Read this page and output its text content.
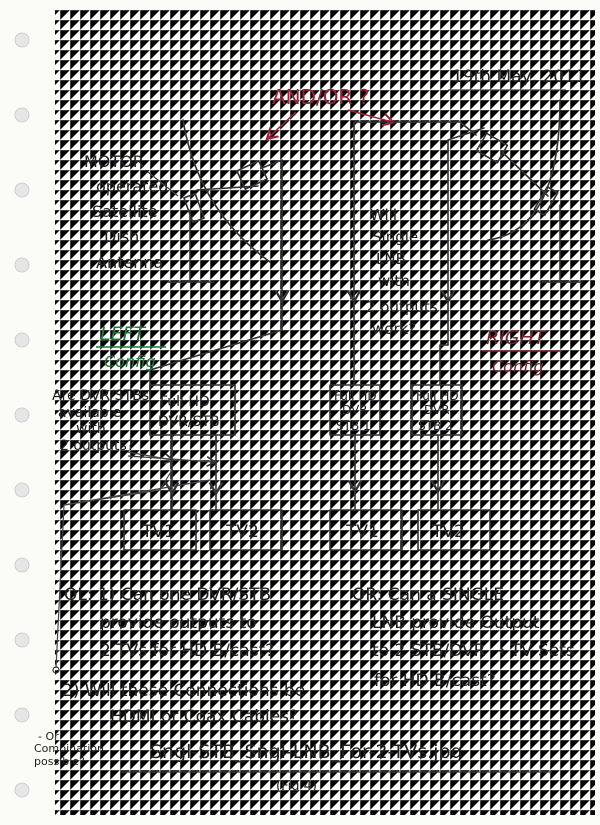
19th May, 2011
AND/OR ?
MOTOR
operated
Satellite
Dish
Antenna
Will
Single
LNB
with
2 outputs
work?
LEFT
Config
RIGHT
Config
Are DVR/STBs
available
with
2 outputs?
Full HD
DVR/STB
Full HD
DVR
STB 1
Full HD
DVR
STB 2
TV1	TV2	TV1	TV2
QL: 1) Can one DVR/STB
provide outputs to
2 TVs for HD B/cast?
2) Will these Connections be
HDMI or Coax Cables?
QR: Can a SINGLE
LNB provide Output
to 2 STB/DVR → TV Sets
for HD B/cast?
- Or
Combination
possible?	Sngl-STB_Sngl-LNB_For-2-TVs.jpg
(Fig 4)
